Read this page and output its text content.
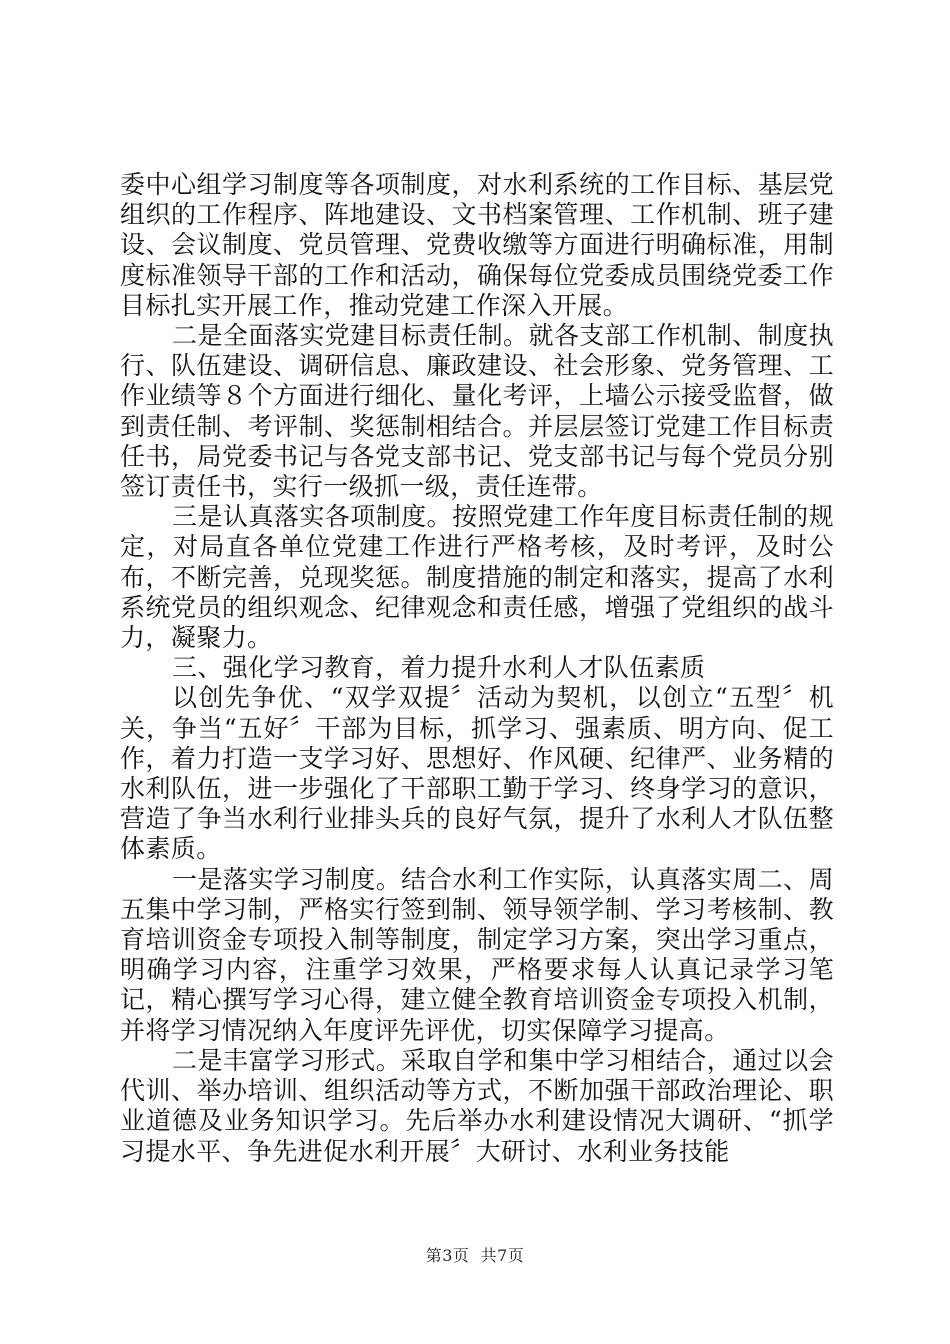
委中心组学习制度等各项制度，对水利系统的工作目标、基层党组织的工作程序、阵地建设、文书档案管理、工作机制、班子建设、会议制度、党员管理、党费收缴等方面进行明确标准，用制度标准领导干部的工作和活动，确保每位党委成员围绕党委工作目标扎实开展工作，推动党建工作深入开展。

二是全面落实党建目标责任制。就各支部工作机制、制度执行、队伍建设、调研信息、廉政建设、社会形象、党务管理、工作业绩等８个方面进行细化、量化考评，上墙公示接受监督，做到责任制、考评制、奖惩制相结合。并层层签订党建工作目标责任书，局党委书记与各党支部书记、党支部书记与每个党员分别签订责任书，实行一级抓一级，责任连带。

三是认真落实各项制度。按照党建工作年度目标责任制的规定，对局直各单位党建工作进行严格考核，及时考评，及时公布，不断完善，兑现奖惩。制度措施的制定和落实，提高了水利系统党员的组织观念、纪律观念和责任感，增强了党组织的战斗力，凝聚力。

三、强化学习教育，着力提升水利人才队伍素质

以创先争优、“双学双提〞活动为契机，以创立“五型〞机关，争当“五好〞干部为目标，抓学习、强素质、明方向、促工作，着力打造一支学习好、思想好、作风硬、纪律严、业务精的水利队伍，进一步强化了干部职工勤于学习、终身学习的意识，营造了争当水利行业排头兵的良好气氛，提升了水利人才队伍整体素质。

一是落实学习制度。结合水利工作实际，认真落实周二、周五集中学习制，严格实行签到制、领导领学制、学习考核制、教育培训资金专项投入制等制度，制定学习方案，突出学习重点，明确学习内容，注重学习效果，严格要求每人认真记录学习笔记，精心撰写学习心得，建立健全教育培训资金专项投入机制，并将学习情况纳入年度评先评优，切实保障学习提高。

二是丰富学习形式。采取自学和集中学习相结合，通过以会代训、举办培训、组织活动等方式，不断加强干部政治理论、职业道德及业务知识学习。先后举办水利建设情况大调研、“抓学习提水平、争先进促水利开展〞大研讨、水利业务技能

第3页  共7页
